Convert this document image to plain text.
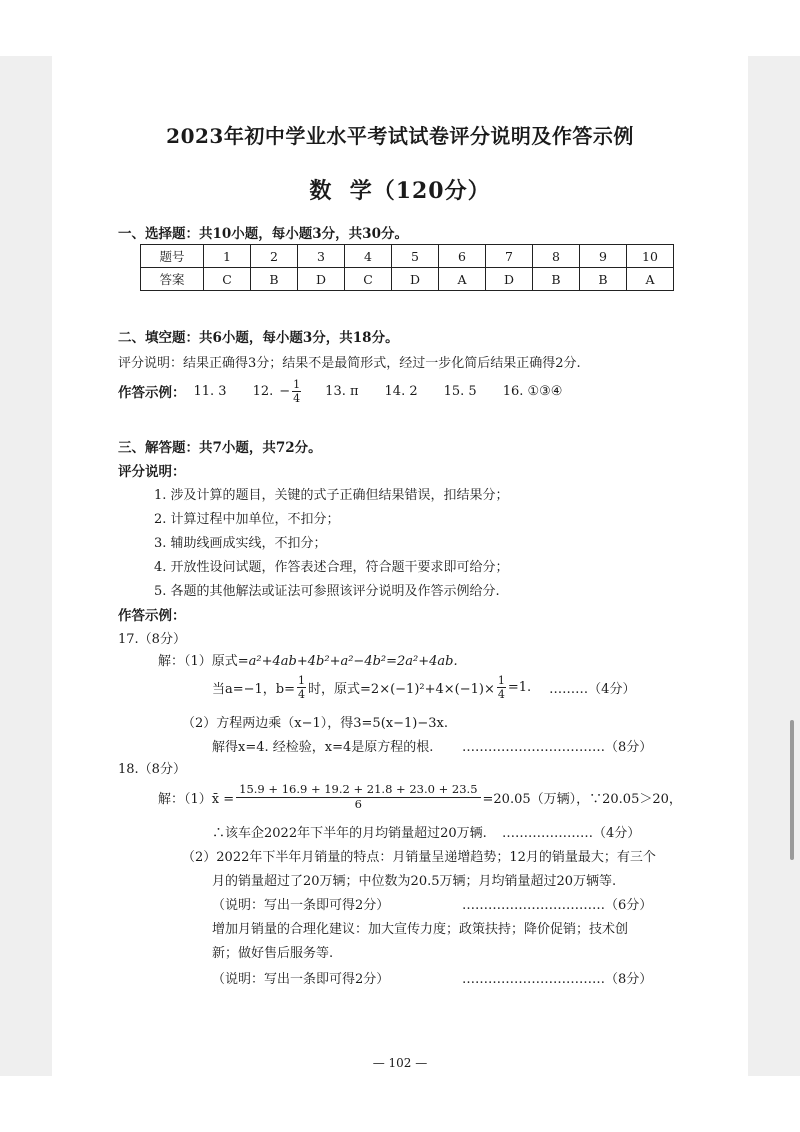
2023年初中学业水平考试试卷评分说明及作答示例
数  学（120分）
一、选择题：共10小题，每小题3分，共30分。
题号	1	2	3	4	5	6	7	8	9	10
答案	C	B	D	C	D	A	D	B	B	A
二、填空题：共6小题，每小题3分，共18分。
评分说明：结果正确得3分；结果不是最简形式，经过一步化简后结果正确得2分.
作答示例： 11. 3 12. − $\frac{1}{4} 13$. π 14. 2 15. 5 16. ①③④
三、解答题：共7小题，共72分。
评分说明：
1. 涉及计算的题目，关键的式子正确但结果错误，扣结果分；
2. 计算过程中加单位，不扣分；
3. 辅助线画成实线，不扣分；
4. 开放性设问试题，作答表述合理，符合题干要求即可给分；
5. 各题的其他解法或证法可参照该评分说明及作答示例给分.
作答示例：
17.（8分）
解：（1）原式=a²+4ab+4b²+a²−4b²=2a²+4ab.
当a=−1，$b= \frac{1}{4}$ 时，原式$=2\times(-1)^2+4\times(-1)\times \frac{1}{4} =1$. ………（4分）
（2）方程两边乘（x−1），得3=5(x−1)−3x.
解得x=4. 经检验，x=4是原方程的根. ……………………………（8分）
18.（8分）
解：（1）x̄ = $\frac{15.9 + 16.9 + 19.2 + 21.8 + 23.0 + 23.5}{6} =20.05$（万辆），∵20.05＞20，
∴该车企2022年下半年的月均销量超过20万辆. …………………（4分）
（2）2022年下半年月销量的特点：月销量呈递增趋势；12月的销量最大；有三个
月的销量超过了20万辆；中位数为20.5万辆；月均销量超过20万辆等.
（说明：写出一条即可得2分）	……………………………（6分）
增加月销量的合理化建议：加大宣传力度；政策扶持；降价促销；技术创
新；做好售后服务等.
（说明：写出一条即可得2分）	……………………………（8分）
— 102 —
